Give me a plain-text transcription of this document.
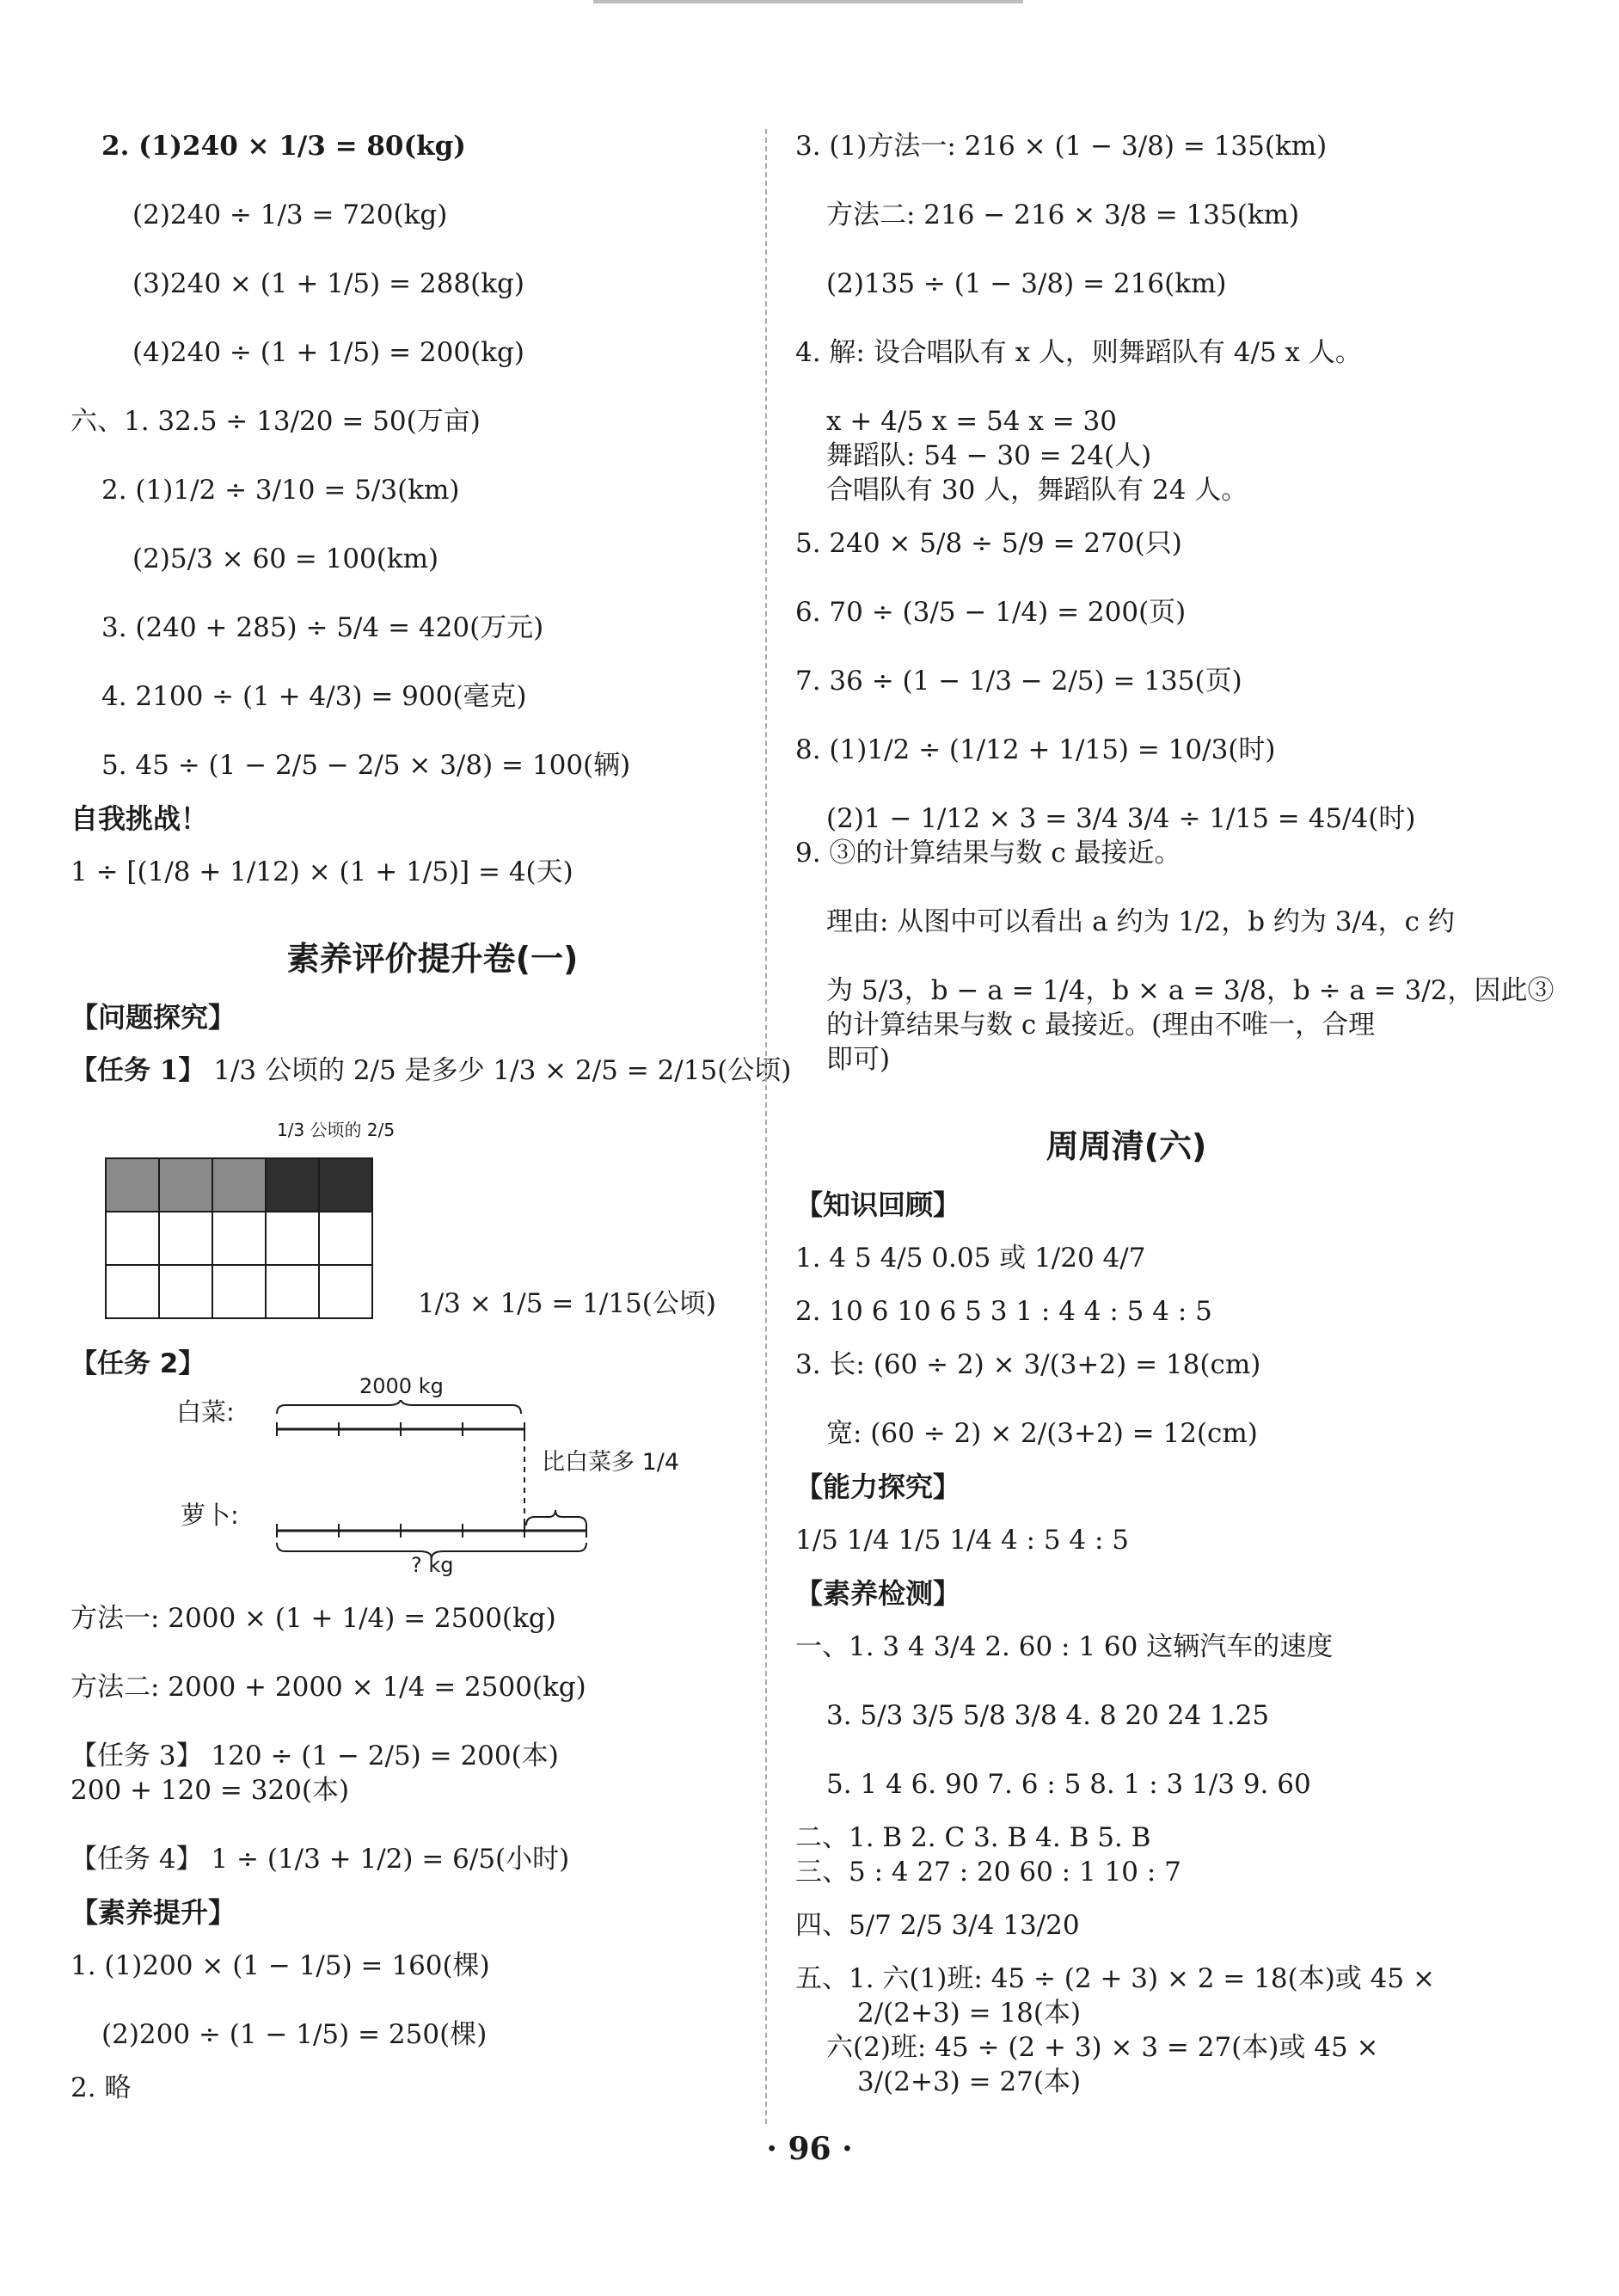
2. (1)240 × 1/3 = 80(kg)

(2)240 ÷ 1/3 = 720(kg)

(3)240 × (1 + 1/5) = 288(kg)

(4)240 ÷ (1 + 1/5) = 200(kg)

六、1. 32.5 ÷ 13/20 = 50(万亩)

2. (1)1/2 ÷ 3/10 = 5/3(km)

(2)5/3 × 60 = 100(km)

3. (240 + 285) ÷ 5/4 = 420(万元)

4. 2100 ÷ (1 + 4/3) = 900(毫克)

5. 45 ÷ (1 − 2/5 − 2/5 × 3/8) = 100(辆)

自我挑战！

1 ÷ [(1/8 + 1/12) × (1 + 1/5)] = 4(天)

素养评价提升卷(一)

【问题探究】

【任务 1】 1/3 公顷的 2/5 是多少 1/3 × 2/5 = 2/15(公顷)

1/3 公顷的 2/5

1/3 × 1/5 = 1/15(公顷)
【任务 2】
白菜:
2000 kg
比白菜多 1/4
萝卜:
? kg

方法一: 2000 × (1 + 1/4) = 2500(kg)

方法二: 2000 + 2000 × 1/4 = 2500(kg)

【任务 3】 120 ÷ (1 − 2/5) = 200(本)

200 + 120 = 320(本)

【任务 4】 1 ÷ (1/3 + 1/2) = 6/5(小时)

【素养提升】

1. (1)200 × (1 − 1/5) = 160(棵)

(2)200 ÷ (1 − 1/5) = 250(棵)

2. 略

3. (1)方法一: 216 × (1 − 3/8) = 135(km)

方法二: 216 − 216 × 3/8 = 135(km)

(2)135 ÷ (1 − 3/8) = 216(km)

4. 解: 设合唱队有 x 人，则舞蹈队有 4/5 x 人。

x + 4/5 x = 54 x = 30

舞蹈队: 54 − 30 = 24(人)

合唱队有 30 人，舞蹈队有 24 人。

5. 240 × 5/8 ÷ 5/9 = 270(只)

6. 70 ÷ (3/5 − 1/4) = 200(页)

7. 36 ÷ (1 − 1/3 − 2/5) = 135(页)

8. (1)1/2 ÷ (1/12 + 1/15) = 10/3(时)

(2)1 − 1/12 × 3 = 3/4 3/4 ÷ 1/15 = 45/4(时)

9. ③的计算结果与数 c 最接近。

理由: 从图中可以看出 a 约为 1/2，b 约为 3/4，c 约

为 5/3，b − a = 1/4，b × a = 3/8，b ÷ a = 3/2，因此③

的计算结果与数 c 最接近。(理由不唯一，合理

即可)

周周清(六)

【知识回顾】

1. 4 5 4/5 0.05 或 1/20 4/7

2. 10 6 10 6 5 3 1 : 4 4 : 5 4 : 5

3. 长: (60 ÷ 2) × 3/(3+2) = 18(cm)

宽: (60 ÷ 2) × 2/(3+2) = 12(cm)

【能力探究】

1/5 1/4 1/5 1/4 4 : 5 4 : 5

【素养检测】

一、1. 3 4 3/4 2. 60 : 1 60 这辆汽车的速度

3. 5/3 3/5 5/8 3/8 4. 8 20 24 1.25

5. 1 4 6. 90 7. 6 : 5 8. 1 : 3 1/3 9. 60

二、1. B 2. C 3. B 4. B 5. B

三、5 : 4 27 : 20 60 : 1 10 : 7

四、5/7 2/5 3/4 13/20

五、1. 六(1)班: 45 ÷ (2 + 3) × 2 = 18(本)或 45 ×

2/(2+3) = 18(本)

六(2)班: 45 ÷ (2 + 3) × 3 = 27(本)或 45 ×

3/(2+3) = 27(本)

· 96 ·
